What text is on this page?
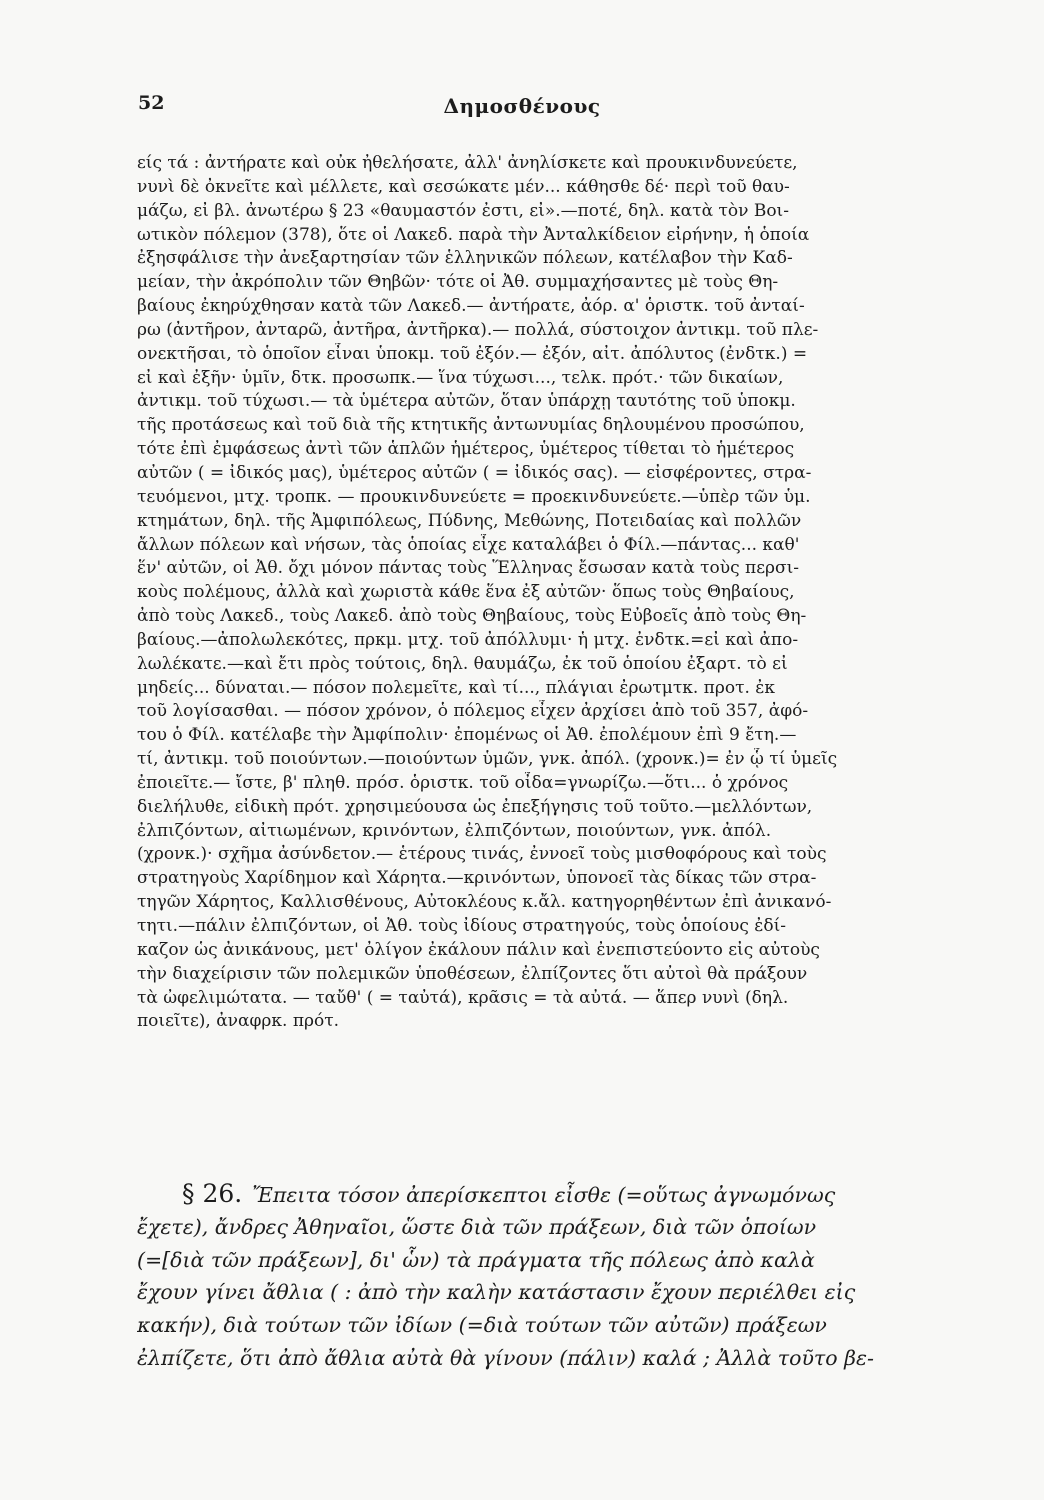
52	Δημοσθένους
είς τά : ἀντήρατε καὶ οὐκ ἠθελήσατε, ἀλλ' ἀνηλίσκετε καὶ προυκινδυνεύετε,
νυνὶ δὲ ὀκνεῖτε καὶ μέλλετε, καὶ σεσώκατε μέν... κάθησθε δέ· περὶ τοῦ θαυ-
μάζω, εἰ βλ. ἀνωτέρω § 23 «θαυμαστόν ἐστι, εἰ».—ποτέ, δηλ. κατὰ τὸν Βοι-
ωτικὸν πόλεμον (378), ὅτε οἱ Λακεδ. παρὰ τὴν Ἀνταλκίδειον εἰρήνην, ἡ ὁποία
ἐξησφάλισε τὴν ἀνεξαρτησίαν τῶν ἑλληνικῶν πόλεων, κατέλαβον τὴν Καδ-
μείαν, τὴν ἀκρόπολιν τῶν Θηβῶν· τότε οἱ Ἀθ. συμμαχήσαντες μὲ τοὺς Θη-
βαίους ἐκηρύχθησαν κατὰ τῶν Λακεδ.— ἀντήρατε, ἀόρ. α' ὁριστκ. τοῦ ἀνταί-
ρω (ἀντῆρον, ἀνταρῶ, ἀντῆρα, ἀντῆρκα).— πολλά, σύστοιχον ἀντικμ. τοῦ πλε-
ονεκτῆσαι, τὸ ὁποῖον εἶναι ὑποκμ. τοῦ ἐξόν.— ἐξόν, αἰτ. ἀπόλυτος (ἐνδτκ.) =
εἰ καὶ ἐξῆν· ὑμῖν, δτκ. προσωπκ.— ἵνα τύχωσι..., τελκ. πρότ.· τῶν δικαίων,
ἀντικμ. τοῦ τύχωσι.— τὰ ὑμέτερα αὐτῶν, ὅταν ὑπάρχῃ ταυτότης τοῦ ὑποκμ.
τῆς προτάσεως καὶ τοῦ διὰ τῆς κτητικῆς ἀντωνυμίας δηλουμένου προσώπου,
τότε ἐπὶ ἐμφάσεως ἀντὶ τῶν ἁπλῶν ἡμέτερος, ὑμέτερος τίθεται τὸ ἡμέτερος
αὐτῶν ( = ἰδικός μας), ὑμέτερος αὐτῶν ( = ἰδικός σας). — εἰσφέροντες, στρα-
τευόμενοι, μτχ. τροπκ. — προυκινδυνεύετε = προεκινδυνεύετε.—ὑπὲρ τῶν ὑμ.
κτημάτων, δηλ. τῆς Ἀμφιπόλεως, Πύδνης, Μεθώνης, Ποτειδαίας καὶ πολλῶν
ἄλλων πόλεων καὶ νήσων, τὰς ὁποίας εἶχε καταλάβει ὁ Φίλ.—πάντας... καθ'
ἕν' αὐτῶν, οἱ Ἀθ. ὄχι μόνον πάντας τοὺς Ἕλληνας ἔσωσαν κατὰ τοὺς περσι-
κοὺς πολέμους, ἀλλὰ καὶ χωριστὰ κάθε ἕνα ἐξ αὐτῶν· ὅπως τοὺς Θηβαίους,
ἀπὸ τοὺς Λακεδ., τοὺς Λακεδ. ἀπὸ τοὺς Θηβαίους, τοὺς Εὐβοεῖς ἀπὸ τοὺς Θη-
βαίους.—ἀπολωλεκότες, πρκμ. μτχ. τοῦ ἀπόλλυμι· ἡ μτχ. ἐνδτκ.=εἰ καὶ ἀπο-
λωλέκατε.—καὶ ἔτι πρὸς τούτοις, δηλ. θαυμάζω, ἐκ τοῦ ὁποίου ἐξαρτ. τὸ εἰ
μηδείς... δύναται.— πόσον πολεμεῖτε, καὶ τί..., πλάγιαι ἐρωτμτκ. προτ. ἐκ
τοῦ λογίσασθαι. — πόσον χρόνον, ὁ πόλεμος εἶχεν ἀρχίσει ἀπὸ τοῦ 357, ἀφό-
του ὁ Φίλ. κατέλαβε τὴν Ἀμφίπολιν· ἐπομένως οἱ Ἀθ. ἐπολέμουν ἐπὶ 9 ἔτη.—
τί, ἀντικμ. τοῦ ποιούντων.—ποιούντων ὑμῶν, γνκ. ἀπόλ. (χρονκ.)= ἐν ᾧ τί ὑμεῖς
ἐποιεῖτε.— ἴστε, β' πληθ. πρόσ. ὁριστκ. τοῦ οἶδα=γνωρίζω.—ὅτι... ὁ χρόνος
διελήλυθε, εἰδικὴ πρότ. χρησιμεύουσα ὡς ἐπεξήγησις τοῦ τοῦτο.—μελλόντων,
ἐλπιζόντων, αἰτιωμένων, κρινόντων, ἐλπιζόντων, ποιούντων, γνκ. ἀπόλ.
(χρονκ.)· σχῆμα ἀσύνδετον.— ἑτέρους τινάς, ἐννοεῖ τοὺς μισθοφόρους καὶ τοὺς
στρατηγοὺς Χαρίδημον καὶ Χάρητα.—κρινόντων, ὑπονοεῖ τὰς δίκας τῶν στρα-
τηγῶν Χάρητος, Καλλισθένους, Αὐτοκλέους κ.ἄλ. κατηγορηθέντων ἐπὶ ἀνικανό-
τητι.—πάλιν ἐλπιζόντων, οἱ Ἀθ. τοὺς ἰδίους στρατηγούς, τοὺς ὁποίους ἐδί-
καζον ὡς ἀνικάνους, μετ' ὀλίγον ἐκάλουν πάλιν καὶ ἐνεπιστεύοντο εἰς αὐτοὺς
τὴν διαχείρισιν τῶν πολεμικῶν ὑποθέσεων, ἐλπίζοντες ὅτι αὐτοὶ θὰ πράξουν
τὰ ὠφελιμώτατα. — ταὔθ' ( = ταὐτά), κρᾶσις = τὰ αὐτά. — ἅπερ νυνὶ (δηλ.
ποιεῖτε), ἀναφρκ. πρότ.
§ 26. Ἔπειτα τόσον ἀπερίσκεπτοι εἶσθε (=οὕτως ἀγνωμόνως
ἔχετε), ἄνδρες Ἀθηναῖοι, ὥστε διὰ τῶν πράξεων, διὰ τῶν ὁποίων
(=[διὰ τῶν πράξεων], δι' ὧν) τὰ πράγματα τῆς πόλεως ἀπὸ καλὰ
ἔχουν γίνει ἄθλια ( : ἀπὸ τὴν καλὴν κατάστασιν ἔχουν περιέλθει εἰς
κακήν), διὰ τούτων τῶν ἰδίων (=διὰ τούτων τῶν αὐτῶν) πράξεων
ἐλπίζετε, ὅτι ἀπὸ ἄθλια αὐτὰ θὰ γίνουν (πάλιν) καλά ; Ἀλλὰ τοῦτο βε-
